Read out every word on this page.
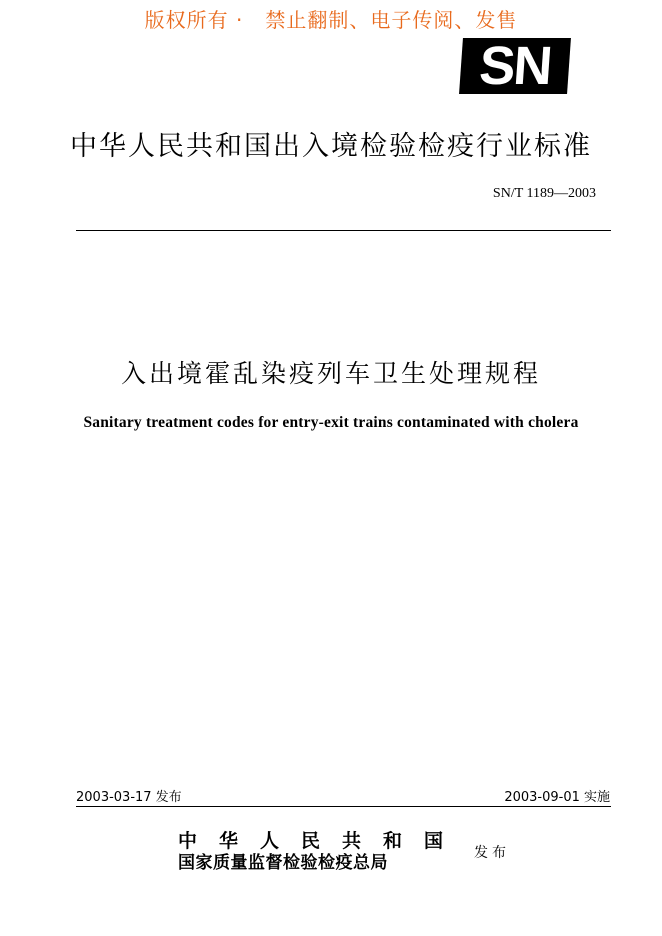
版权所有 ·   禁止翻制、电子传阅、发售
SN
中华人民共和国出入境检验检疫行业标准
SN/T 1189—2003
入出境霍乱染疫列车卫生处理规程
Sanitary treatment codes for entry-exit trains contaminated with cholera
2003-03-17 发布	2003-09-01 实施
中华人民共和国
国家质量监督检验检疫总局	发布
